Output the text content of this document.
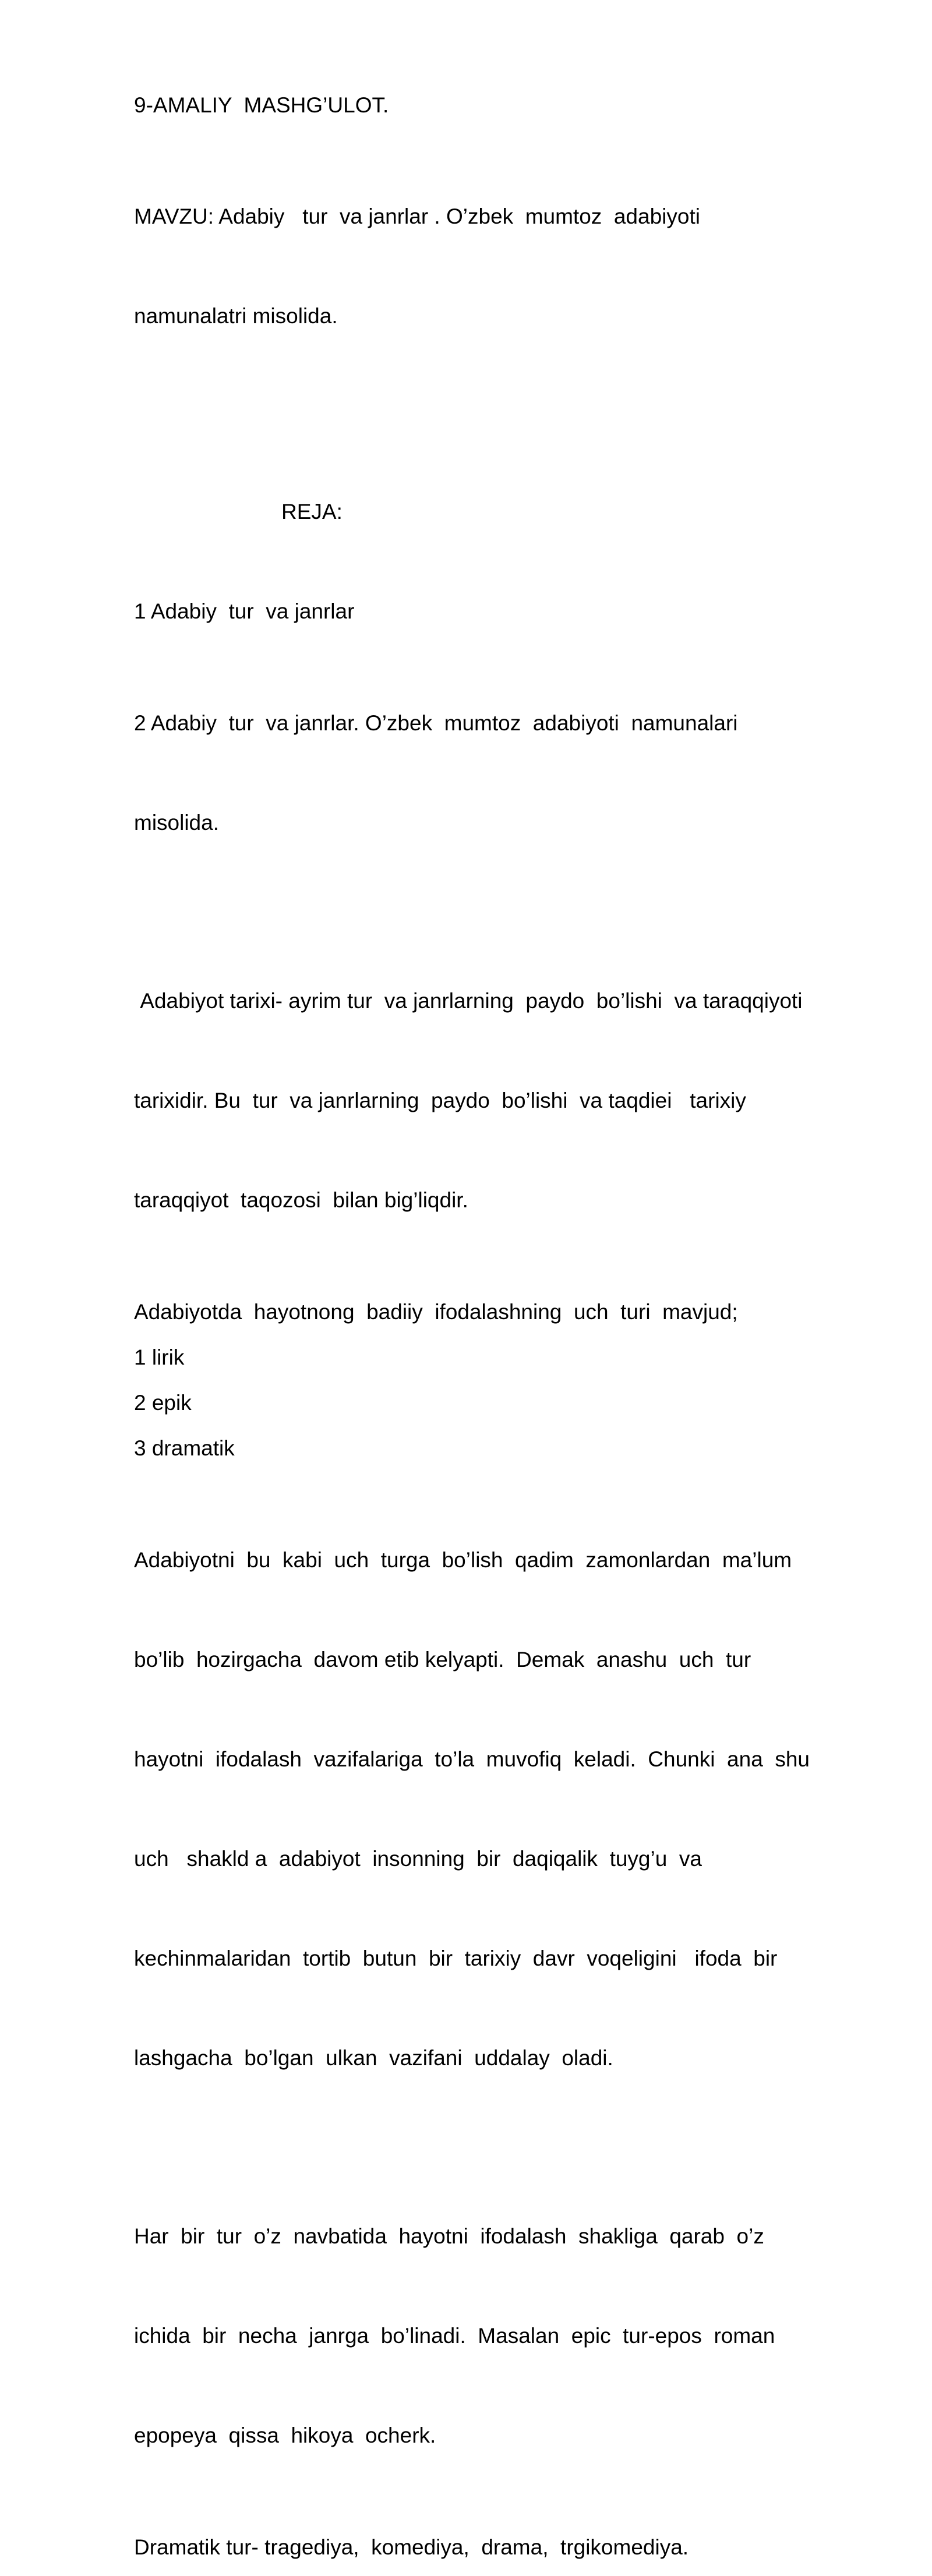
9-AMALIY  MASHG’ULOT.

MAVZU: Adabiy   tur  va janrlar . O’zbek  mumtoz  adabiyoti

namunalatri misolida.

REJA:
1 Adabiy  tur  va janrlar

2 Adabiy  tur  va janrlar. O’zbek  mumtoz  adabiyoti  namunalari

misolida.

Adabiyot tarixi- ayrim tur  va janrlarning  paydo  bo’lishi  va taraqqiyoti

tarixidir. Bu  tur  va janrlarning  paydo  bo’lishi  va taqdiei   tarixiy

taraqqiyot  taqozosi  bilan big’liqdir.

Adabiyotda  hayotnong  badiiy  ifodalashning  uch  turi  mavjud;
1 lirik
2 epik
3 dramatik

Adabiyotni  bu  kabi  uch  turga  bo’lish  qadim  zamonlardan  ma’lum

bo’lib  hozirgacha  davom etib kelyapti.  Demak  anashu  uch  tur

hayotni  ifodalash  vazifalariga  to’la  muvofiq  keladi.  Chunki  ana  shu

uch   shakld a  adabiyot  insonning  bir  daqiqalik  tuyg’u  va

kechinmalaridan  tortib  butun  bir  tarixiy  davr  voqeligini   ifoda  bir

lashgacha  bo’lgan  ulkan  vazifani  uddalay  oladi.

Har  bir  tur  o’z  navbatida  hayotni  ifodalash  shakliga  qarab  o’z

ichida  bir  necha  janrga  bo’linadi.  Masalan  epic  tur-epos  roman

epopeya  qissa  hikoya  ocherk.

Dramatik tur- tragediya,  komediya,  drama,  trgikomediya.
